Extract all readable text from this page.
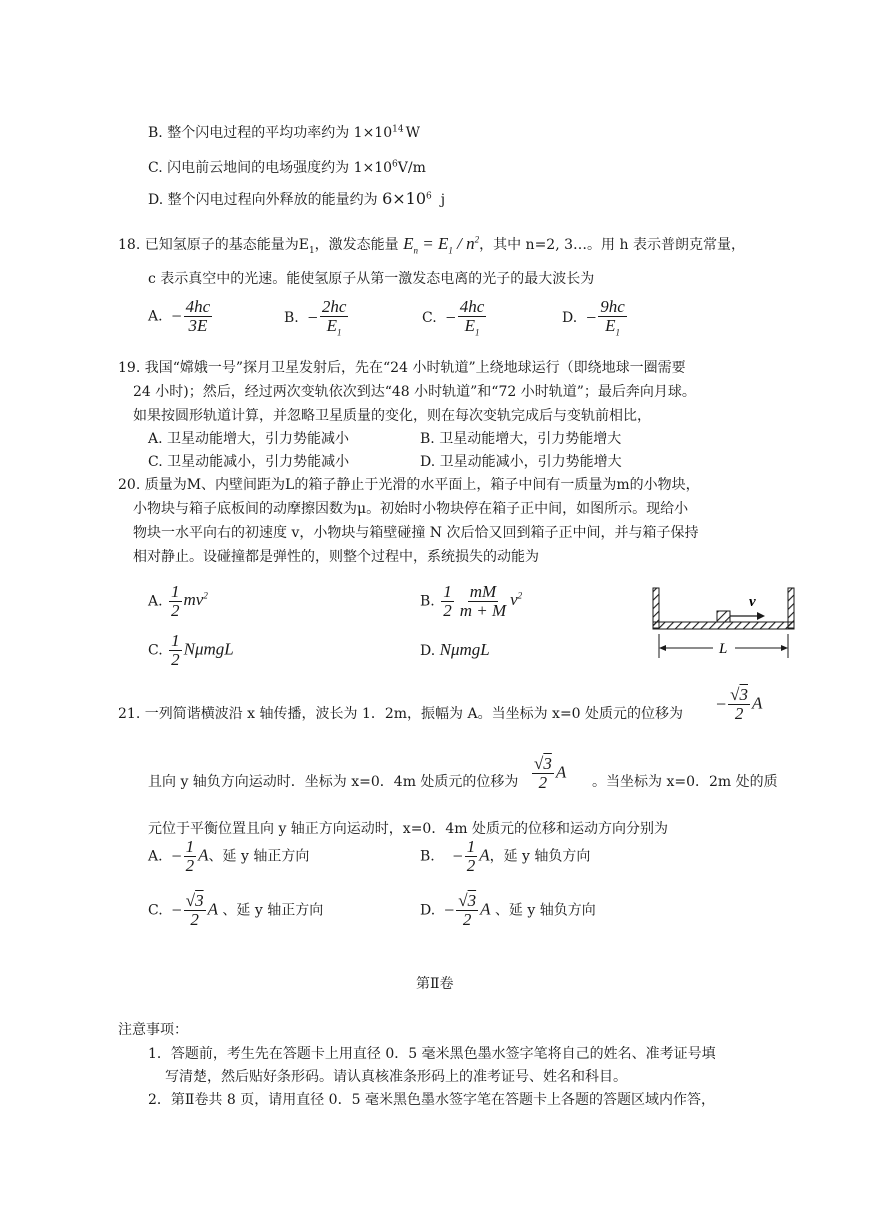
B. 整个闪电过程的平均功率约为 $1\times 10^{14}$ W
C. 闪电前云地间的电场强度约为 $1\times 10^6V/m$
D. 整个闪电过程向外释放的能量约为 $6\times 10^6$ j
18. 已知氢原子的基态能量为$E_1$，激发态能量 $E_n = E_1 / n^2$，其中 n=2, 3…。用 h 表示普朗克常量，
c 表示真空中的光速。能使氢原子从第一激发态电离的光子的最大波长为
A. − $\frac{4hc}{3E}$	B. − $\frac{2hc}{E_1}$	C. − $\frac{4hc}{E_1}$	D. − $\frac{9hc}{E_1}$
19. 我国“嫦娥一号”探月卫星发射后，先在“24 小时轨道”上绕地球运行（即绕地球一圈需要
24 小时)；然后，经过两次变轨依次到达“48 小时轨道”和“72 小时轨道”；最后奔向月球。
如果按圆形轨道计算，并忽略卫星质量的变化，则在每次变轨完成后与变轨前相比，
A. 卫星动能增大，引力势能减小	B. 卫星动能增大，引力势能增大
C. 卫星动能减小，引力势能减小	D. 卫星动能减小，引力势能增大
20. 质量为M、内壁间距为L的箱子静止于光滑的水平面上，箱子中间有一质量为m的小物块，
小物块与箱子底板间的动摩擦因数为μ。初始时小物块停在箱子正中间，如图所示。现给小
物块一水平向右的初速度 v，小物块与箱壁碰撞 N 次后恰又回到箱子正中间，并与箱子保持
相对静止。设碰撞都是弹性的，则整个过程中，系统损失的动能为
A. $\frac{1}{2} mv^2$	B. $\frac{1}{2} \frac{mM}{m + M} v^2$
C. $\frac{1}{2}$ NμmgL	D. NμmgL
v
L
21. 一列简谐横波沿 x 轴传播，波长为 1．2m，振幅为 A。当坐标为 x=0 处质元的位移为
− $\frac{√3}{2}$ A
且向 y 轴负方向运动时．坐标为 x=0．4m 处质元的位移为 $\frac{√3}{2}$ A
。当坐标为 x=0．2m 处的质
元位于平衡位置且向 y 轴正方向运动时，x=0．4m 处质元的位移和运动方向分别为
A. − $\frac{1}{2}$ A、延 y 轴正方向	B. − $\frac{1}{2}$ A，延 y 轴负方向
C. − $\frac{√3}{2}$ A 、延 y 轴正方向	D. − $\frac{√3}{2}$ A 、延 y 轴负方向
第Ⅱ卷
注意事项：
1．答题前，考生先在答题卡上用直径 0．5 毫米黑色墨水签字笔将自己的姓名、准考证号填
写清楚，然后贴好条形码。请认真核准条形码上的准考证号、姓名和科目。
2．第Ⅱ卷共 8 页，请用直径 0．5 毫米黑色墨水签字笔在答题卡上各题的答题区域内作答，
